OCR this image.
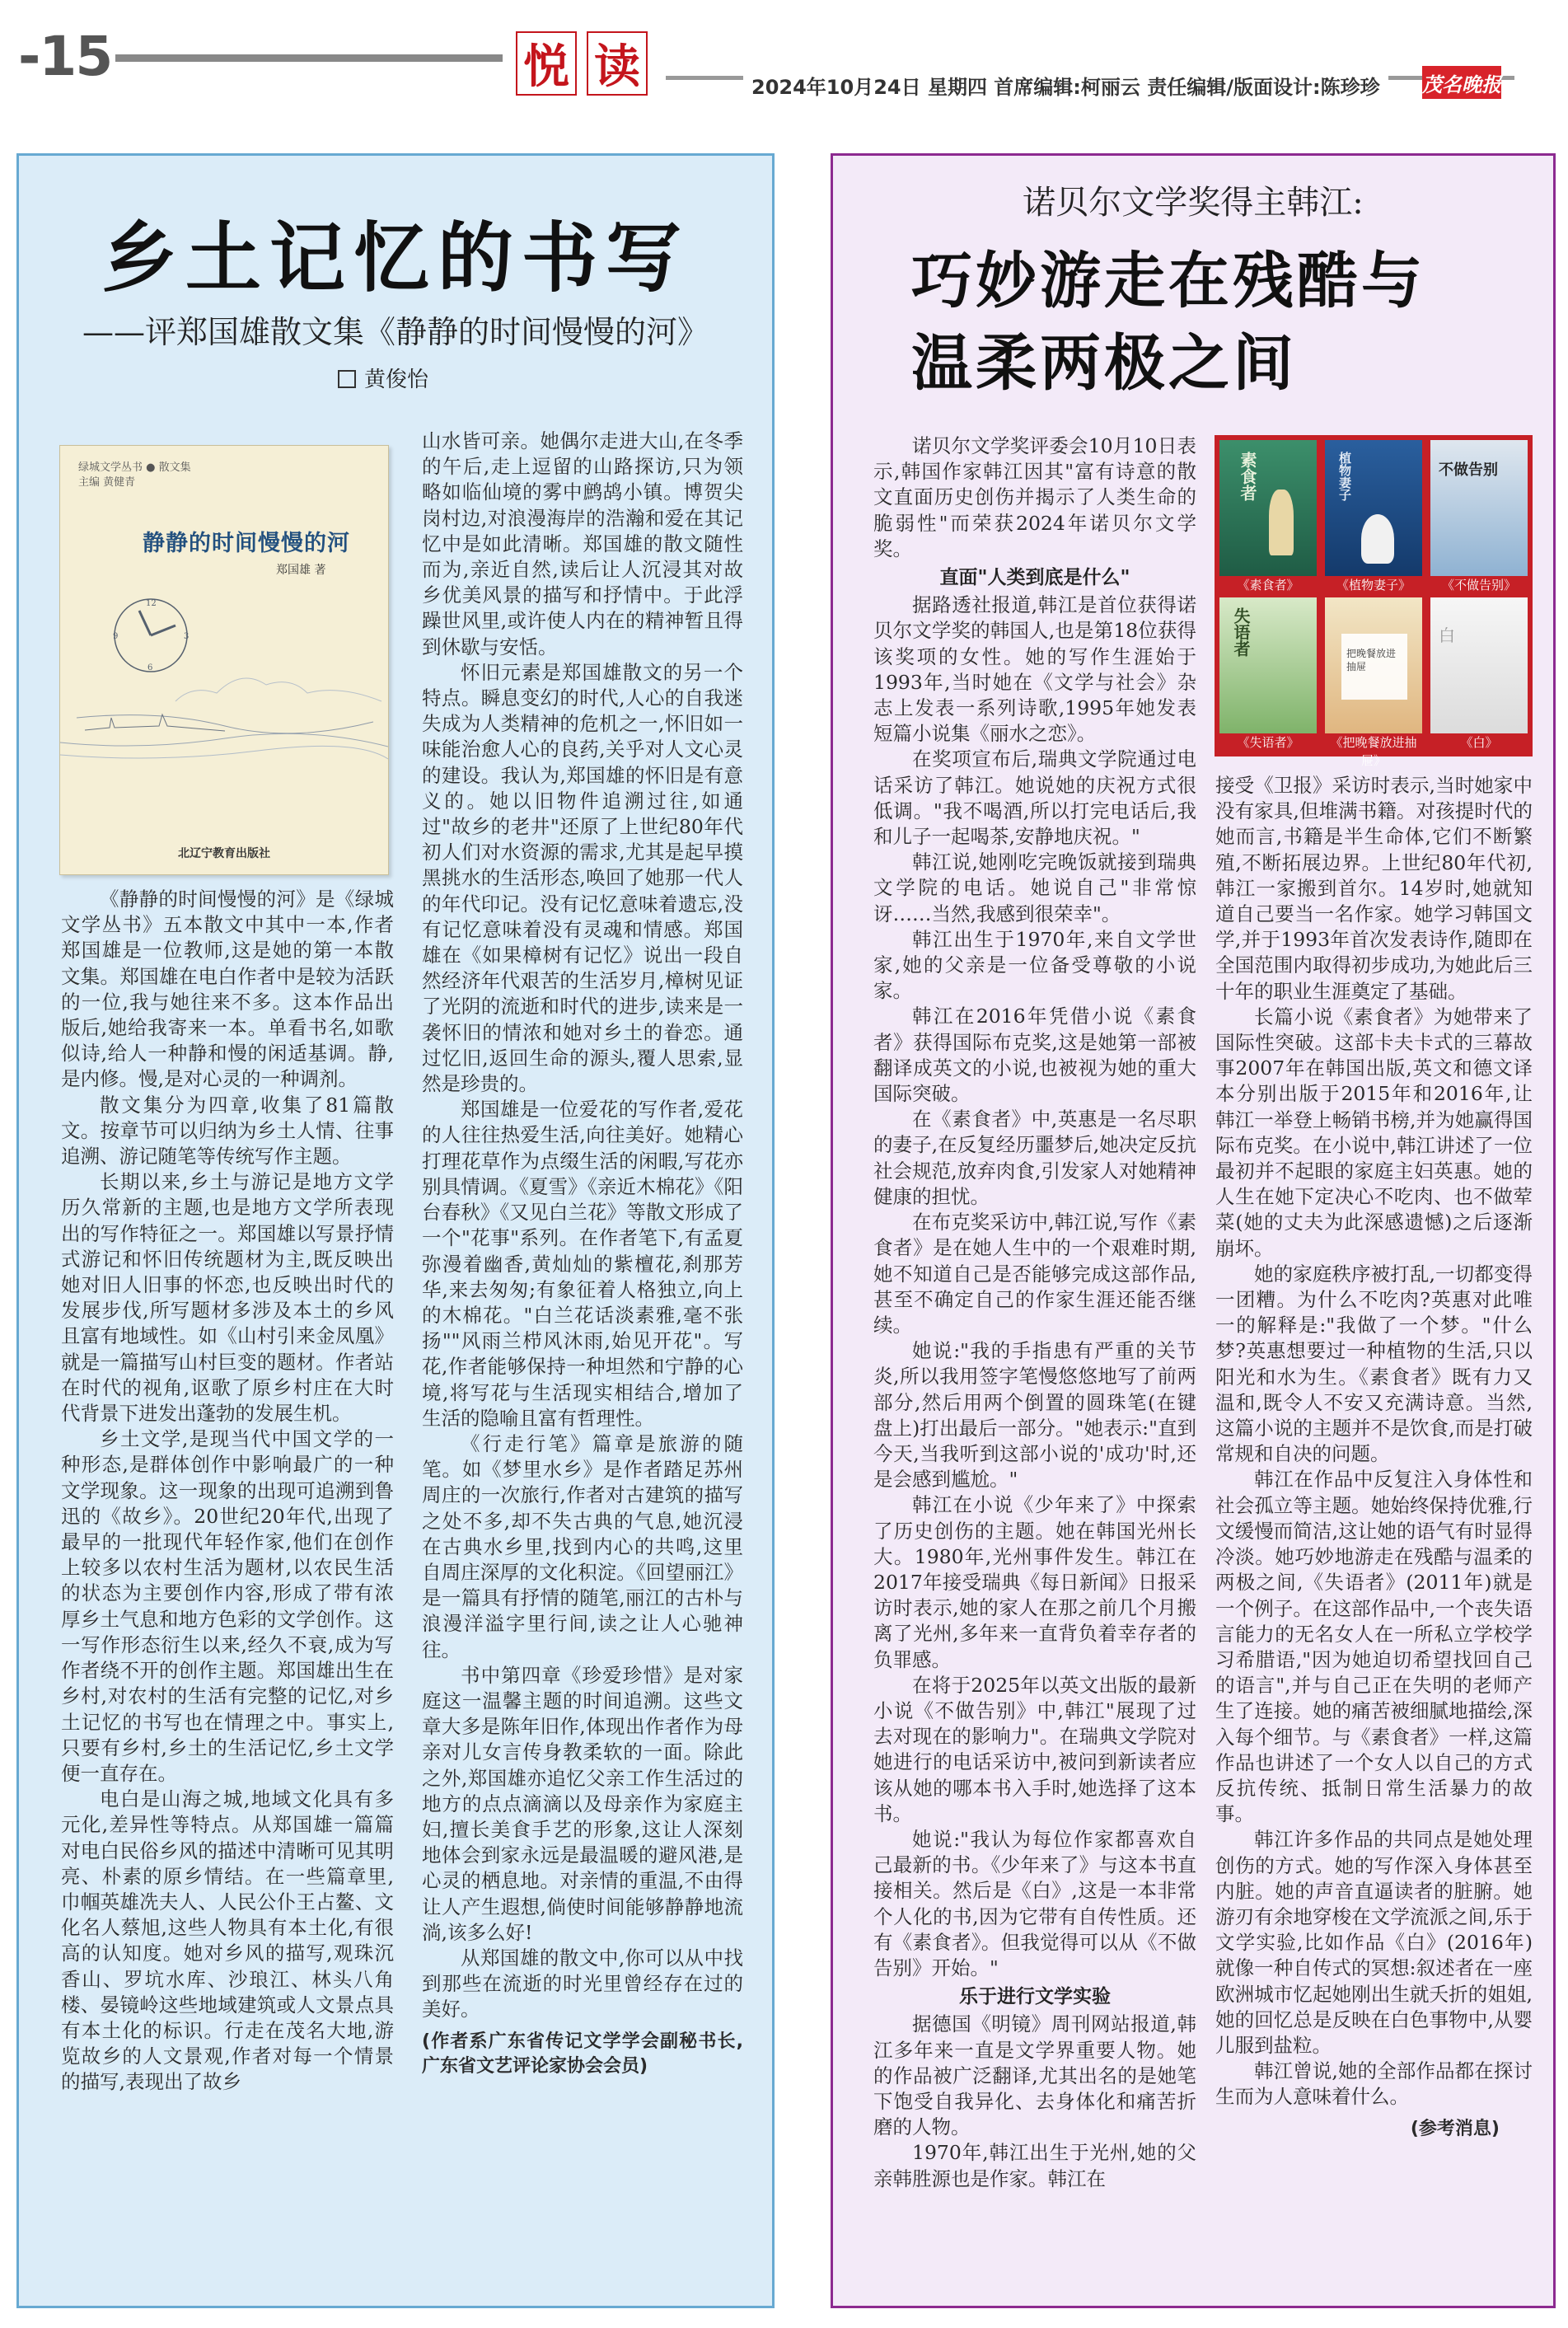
-15	悦 读	2024年10月24日 星期四 首席编辑:柯丽云 责任编辑/版面设计:陈珍珍	茂名晚报
乡土记忆的书写
——评郑国雄散文集《静静的时间慢慢的河》
黄俊怡
绿城文学丛书 ● 散文集
主编 黄健青
静静的时间慢慢的河
郑国雄 著
12
3
6
9
北辽宁教育出版社

《静静的时间慢慢的河》是《绿城文学丛书》五本散文中其中一本,作者郑国雄是一位教师,这是她的第一本散文集。郑国雄在电白作者中是较为活跃的一位,我与她往来不多。这本作品出版后,她给我寄来一本。单看书名,如歌似诗,给人一种静和慢的闲适基调。静,是内修。慢,是对心灵的一种调剂。

散文集分为四章,收集了81篇散文。按章节可以归纳为乡土人情、往事追溯、游记随笔等传统写作主题。

长期以来,乡土与游记是地方文学历久常新的主题,也是地方文学所表现出的写作特征之一。郑国雄以写景抒情式游记和怀旧传统题材为主,既反映出她对旧人旧事的怀恋,也反映出时代的发展步伐,所写题材多涉及本土的乡风且富有地域性。如《山村引来金凤凰》就是一篇描写山村巨变的题材。作者站在时代的视角,讴歌了原乡村庄在大时代背景下进发出蓬勃的发展生机。

乡土文学,是现当代中国文学的一种形态,是群体创作中影响最广的一种文学现象。这一现象的出现可追溯到鲁迅的《故乡》。20世纪20年代,出现了最早的一批现代年轻作家,他们在创作上较多以农村生活为题材,以农民生活的状态为主要创作内容,形成了带有浓厚乡土气息和地方色彩的文学创作。这一写作形态衍生以来,经久不衰,成为写作者绕不开的创作主题。郑国雄出生在乡村,对农村的生活有完整的记忆,对乡土记忆的书写也在情理之中。事实上,只要有乡村,乡土的生活记忆,乡土文学便一直存在。

电白是山海之城,地域文化具有多元化,差异性等特点。从郑国雄一篇篇对电白民俗乡风的描述中清晰可见其明亮、朴素的原乡情结。在一些篇章里,巾帼英雄冼夫人、人民公仆王占鳌、文化名人蔡旭,这些人物具有本土化,有很高的认知度。她对乡风的描写,观珠沉香山、罗坑水库、沙琅江、林头八角楼、晏镜岭这些地域建筑或人文景点具有本土化的标识。行走在茂名大地,游览故乡的人文景观,作者对每一个情景的描写,表现出了故乡

山水皆可亲。她偶尔走进大山,在冬季的午后,走上逗留的山路探访,只为领略如临仙境的雾中鹧鸪小镇。博贺尖岗村边,对浪漫海岸的浩瀚和爱在其记忆中是如此清晰。郑国雄的散文随性而为,亲近自然,读后让人沉浸其对故乡优美风景的描写和抒情中。于此浮躁世风里,或许使人内在的精神暂且得到休歇与安恬。

怀旧元素是郑国雄散文的另一个特点。瞬息变幻的时代,人心的自我迷失成为人类精神的危机之一,怀旧如一味能治愈人心的良药,关乎对人文心灵的建设。我认为,郑国雄的怀旧是有意义的。她以旧物件追溯过往,如通过"故乡的老井"还原了上世纪80年代初人们对水资源的需求,尤其是起早摸黑挑水的生活形态,唤回了她那一代人的年代印记。没有记忆意味着遗忘,没有记忆意味着没有灵魂和情感。郑国雄在《如果樟树有记忆》说出一段自然经济年代艰苦的生活岁月,樟树见证了光阴的流逝和时代的进步,读来是一袭怀旧的情浓和她对乡土的眷恋。通过忆旧,返回生命的源头,覆人思索,显然是珍贵的。

郑国雄是一位爱花的写作者,爱花的人往往热爱生活,向往美好。她精心打理花草作为点缀生活的闲暇,写花亦别具情调。《夏雪》《亲近木棉花》《阳台春秋》《又见白兰花》等散文形成了一个"花事"系列。在作者笔下,有孟夏弥漫着幽香,黄灿灿的紫檀花,刹那芳华,来去匆匆;有象征着人格独立,向上的木棉花。"白兰花话淡素雅,毫不张扬""风雨兰栉风沐雨,始见开花"。写花,作者能够保持一种坦然和宁静的心境,将写花与生活现实相结合,增加了生活的隐喻且富有哲理性。

《行走行笔》篇章是旅游的随笔。如《梦里水乡》是作者踏足苏州周庄的一次旅行,作者对古建筑的描写之处不多,却不失古典的气息,她沉浸在古典水乡里,找到内心的共鸣,这里自周庄深厚的文化积淀。《回望丽江》是一篇具有抒情的随笔,丽江的古朴与浪漫洋溢字里行间,读之让人心驰神往。

书中第四章《珍爱珍惜》是对家庭这一温馨主题的时间追溯。这些文章大多是陈年旧作,体现出作者作为母亲对儿女言传身教柔软的一面。除此之外,郑国雄亦追忆父亲工作生活过的地方的点点滴滴以及母亲作为家庭主妇,擅长美食手艺的形象,这让人深刻地体会到家永远是最温暖的避风港,是心灵的栖息地。对亲情的重温,不由得让人产生遐想,倘使时间能够静静地流淌,该多么好!

从郑国雄的散文中,你可以从中找到那些在流逝的时光里曾经存在过的美好。

(作者系广东省传记文学学会副秘书长,广东省文艺评论家协会会员)

诺贝尔文学奖得主韩江:
巧妙游走在残酷与
温柔两极之间
素食者	植物妻子	不做告别
《素食者》	《植物妻子》	《不做告别》
失语者	把晚餐放进抽屉
白
《失语者》	《把晚餐放进抽屉》
《白》

诺贝尔文学奖评委会10月10日表示,韩国作家韩江因其"富有诗意的散文直面历史创伤并揭示了人类生命的脆弱性"而荣获2024年诺贝尔文学奖。

直面"人类到底是什么"

据路透社报道,韩江是首位获得诺贝尔文学奖的韩国人,也是第18位获得该奖项的女性。她的写作生涯始于1993年,当时她在《文学与社会》杂志上发表一系列诗歌,1995年她发表短篇小说集《丽水之恋》。

在奖项宣布后,瑞典文学院通过电话采访了韩江。她说她的庆祝方式很低调。"我不喝酒,所以打完电话后,我和儿子一起喝茶,安静地庆祝。"

韩江说,她刚吃完晚饭就接到瑞典文学院的电话。她说自己"非常惊讶……当然,我感到很荣幸"。

韩江出生于1970年,来自文学世家,她的父亲是一位备受尊敬的小说家。

韩江在2016年凭借小说《素食者》获得国际布克奖,这是她第一部被翻译成英文的小说,也被视为她的重大国际突破。

在《素食者》中,英惠是一名尽职的妻子,在反复经历噩梦后,她决定反抗社会规范,放弃肉食,引发家人对她精神健康的担忧。

在布克奖采访中,韩江说,写作《素食者》是在她人生中的一个艰难时期,她不知道自己是否能够完成这部作品,甚至不确定自己的作家生涯还能否继续。

她说:"我的手指患有严重的关节炎,所以我用签字笔慢悠悠地写了前两部分,然后用两个倒置的圆珠笔(在键盘上)打出最后一部分。"她表示:"直到今天,当我听到这部小说的'成功'时,还是会感到尴尬。"

韩江在小说《少年来了》中探索了历史创伤的主题。她在韩国光州长大。1980年,光州事件发生。韩江在2017年接受瑞典《每日新闻》日报采访时表示,她的家人在那之前几个月搬离了光州,多年来一直背负着幸存者的负罪感。

在将于2025年以英文出版的最新小说《不做告别》中,韩江"展现了过去对现在的影响力"。在瑞典文学院对她进行的电话采访中,被问到新读者应该从她的哪本书入手时,她选择了这本书。

她说:"我认为每位作家都喜欢自己最新的书。《少年来了》与这本书直接相关。然后是《白》,这是一本非常个人化的书,因为它带有自传性质。还有《素食者》。但我觉得可以从《不做告别》开始。"

乐于进行文学实验

据德国《明镜》周刊网站报道,韩江多年来一直是文学界重要人物。她的作品被广泛翻译,尤其出名的是她笔下饱受自我异化、去身体化和痛苦折磨的人物。

1970年,韩江出生于光州,她的父亲韩胜源也是作家。韩江在

接受《卫报》采访时表示,当时她家中没有家具,但堆满书籍。对孩提时代的她而言,书籍是半生命体,它们不断繁殖,不断拓展边界。上世纪80年代初,韩江一家搬到首尔。14岁时,她就知道自己要当一名作家。她学习韩国文学,并于1993年首次发表诗作,随即在全国范围内取得初步成功,为她此后三十年的职业生涯奠定了基础。

长篇小说《素食者》为她带来了国际性突破。这部卡夫卡式的三幕故事2007年在韩国出版,英文和德文译本分别出版于2015年和2016年,让韩江一举登上畅销书榜,并为她赢得国际布克奖。在小说中,韩江讲述了一位最初并不起眼的家庭主妇英惠。她的人生在她下定决心不吃肉、也不做荤菜(她的丈夫为此深感遗憾)之后逐渐崩坏。

她的家庭秩序被打乱,一切都变得一团糟。为什么不吃肉?英惠对此唯一的解释是:"我做了一个梦。"什么梦?英惠想要过一种植物的生活,只以阳光和水为生。《素食者》既有力又温和,既令人不安又充满诗意。当然,这篇小说的主题并不是饮食,而是打破常规和自决的问题。

韩江在作品中反复注入身体性和社会孤立等主题。她始终保持优雅,行文缓慢而简洁,这让她的语气有时显得冷淡。她巧妙地游走在残酷与温柔的两极之间,《失语者》(2011年)就是一个例子。在这部作品中,一个丧失语言能力的无名女人在一所私立学校学习希腊语,"因为她迫切希望找回自己的语言",并与自己正在失明的老师产生了连接。她的痛苦被细腻地描绘,深入每个细节。与《素食者》一样,这篇作品也讲述了一个女人以自己的方式反抗传统、抵制日常生活暴力的故事。

韩江许多作品的共同点是她处理创伤的方式。她的写作深入身体甚至内脏。她的声音直逼读者的脏腑。她游刃有余地穿梭在文学流派之间,乐于文学实验,比如作品《白》(2016年)就像一种自传式的冥想:叙述者在一座欧洲城市忆起她刚出生就夭折的姐姐,她的回忆总是反映在白色事物中,从婴儿服到盐粒。

韩江曾说,她的全部作品都在探讨生而为人意味着什么。

(参考消息)
